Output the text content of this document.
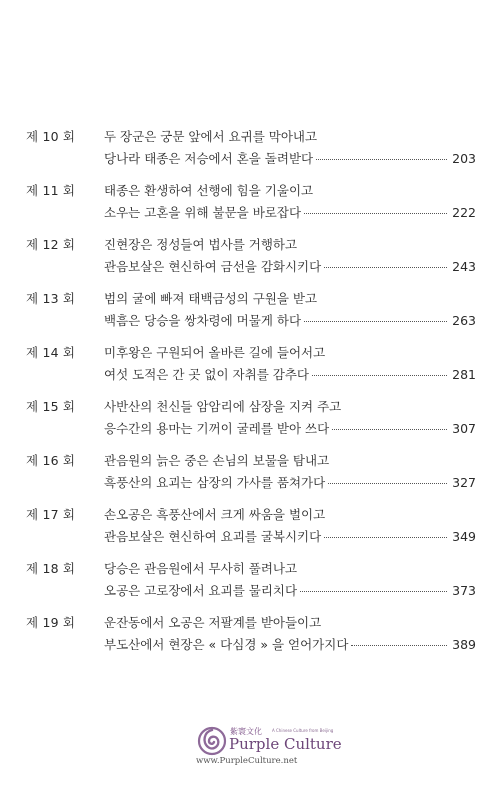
제 10 회 두 장군은 궁문 앞에서 요귀를 막아내고
당나라 태종은 저승에서 혼을 돌려받다	203
제 11 회 태종은 환생하여 선행에 힘을 기울이고
소우는 고혼을 위해 불문을 바로잡다	222
제 12 회 진현장은 정성들여 법사를 거행하고
관음보살은 현신하여 금선을 감화시키다	243
제 13 회 범의 굴에 빠져 태백금성의 구원을 받고
백흠은 당승을 쌍차령에 머물게 하다	263
제 14 회 미후왕은 구원되어 올바른 길에 들어서고
여섯 도적은 간 곳 없이 자취를 감추다	281
제 15 회 사반산의 천신들 암암리에 삼장을 지켜 주고
응수간의 용마는 기꺼이 굴레를 받아 쓰다	307
제 16 회 관음원의 늙은 중은 손님의 보물을 탐내고
흑풍산의 요괴는 삼장의 가사를 품쳐가다	327
제 17 회 손오공은 흑풍산에서 크게 싸움을 벌이고
관음보살은 현신하여 요괴를 굴복시키다	349
제 18 회 당승은 관음원에서 무사히 풀려나고
오공은 고로장에서 요괴를 물리치다	373
제 19 회 운잔동에서 오공은 저팔계를 받아들이고
부도산에서 현장은 « 다심경 » 을 얻어가지다	389
紫寰文化	A Chinese Culture from Beijing
Purple Culture
www.PurpleCulture.net
